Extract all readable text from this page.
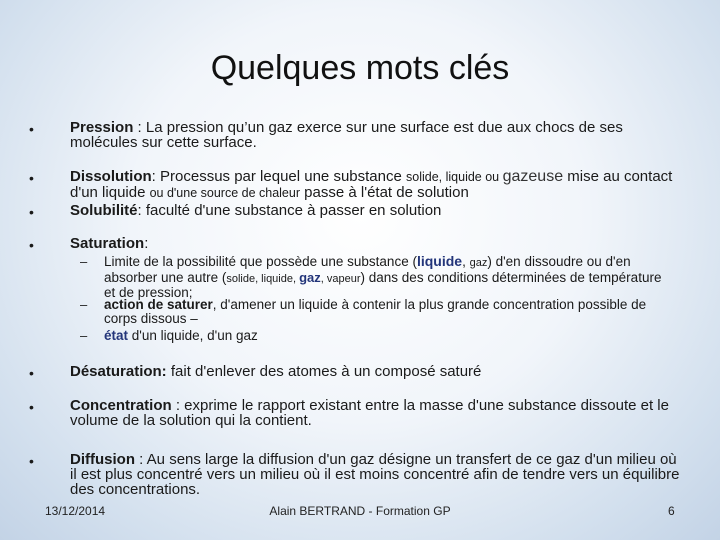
Quelques mots clés
• Pression : La pression qu’un gaz exerce sur une surface est due aux chocs de ses molécules sur cette surface.
• Dissolution: Processus par lequel une substance solide, liquide ou gazeuse mise au contact d'un liquide ou d'une source de chaleur passe à l'état de solution
• Solubilité: faculté d'une substance à passer en solution
• Saturation:
– Limite de la possibilité que possède une substance (liquide, gaz) d'en dissoudre ou d'en absorber une autre (solide, liquide, gaz, vapeur) dans des conditions déterminées de température et de pression;
– action de saturer, d'amener un liquide à contenir la plus grande concentration possible de corps dissous –
– état d'un liquide, d'un gaz
• Désaturation: fait d'enlever des atomes à un composé saturé
• Concentration : exprime le rapport existant entre la masse d'une substance dissoute et le volume de la solution qui la contient.
• Diffusion : Au sens large la diffusion d'un gaz désigne un transfert de ce gaz d'un milieu où il est plus concentré vers un milieu où il est moins concentré afin de tendre vers un équilibre des concentrations.
13/12/2014	Alain BERTRAND - Formation GP	6
